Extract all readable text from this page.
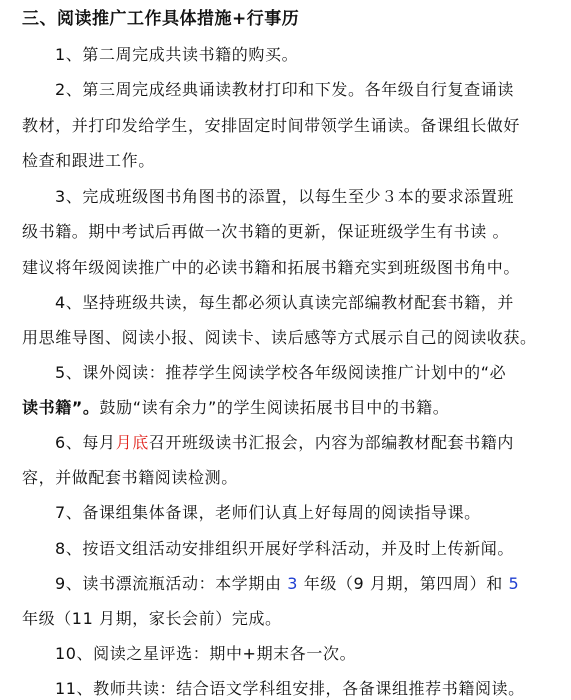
三、阅读推广工作具体措施+行事历
1、第二周完成共读书籍的购买。
2、第三周完成经典诵读教材打印和下发。各年级自行复查诵读
教材，并打印发给学生，安排固定时间带领学生诵读。备课组长做好
检查和跟进工作。
3、完成班级图书角图书的添置，以每生至少３本的要求添置班
级书籍。期中考试后再做一次书籍的更新，保证班级学生有书读 。
建议将年级阅读推广中的必读书籍和拓展书籍充实到班级图书角中。
4、坚持班级共读，每生都必须认真读完部编教材配套书籍，并
用思维导图、阅读小报、阅读卡、读后感等方式展示自己的阅读收获。
5、课外阅读：推荐学生阅读学校各年级阅读推广计划中的“必
读书籍”。鼓励“读有余力”的学生阅读拓展书目中的书籍。
6、每月月底召开班级读书汇报会，内容为部编教材配套书籍内
容，并做配套书籍阅读检测。
7、备课组集体备课，老师们认真上好每周的阅读指导课。
8、按语文组活动安排组织开展好学科活动，并及时上传新闻。
9、读书漂流瓶活动：本学期由 3 年级（9 月期，第四周）和 5
年级（11 月期，家长会前）完成。
10、阅读之星评选：期中+期末各一次。
11、教师共读：结合语文学科组安排，各备课组推荐书籍阅读。
